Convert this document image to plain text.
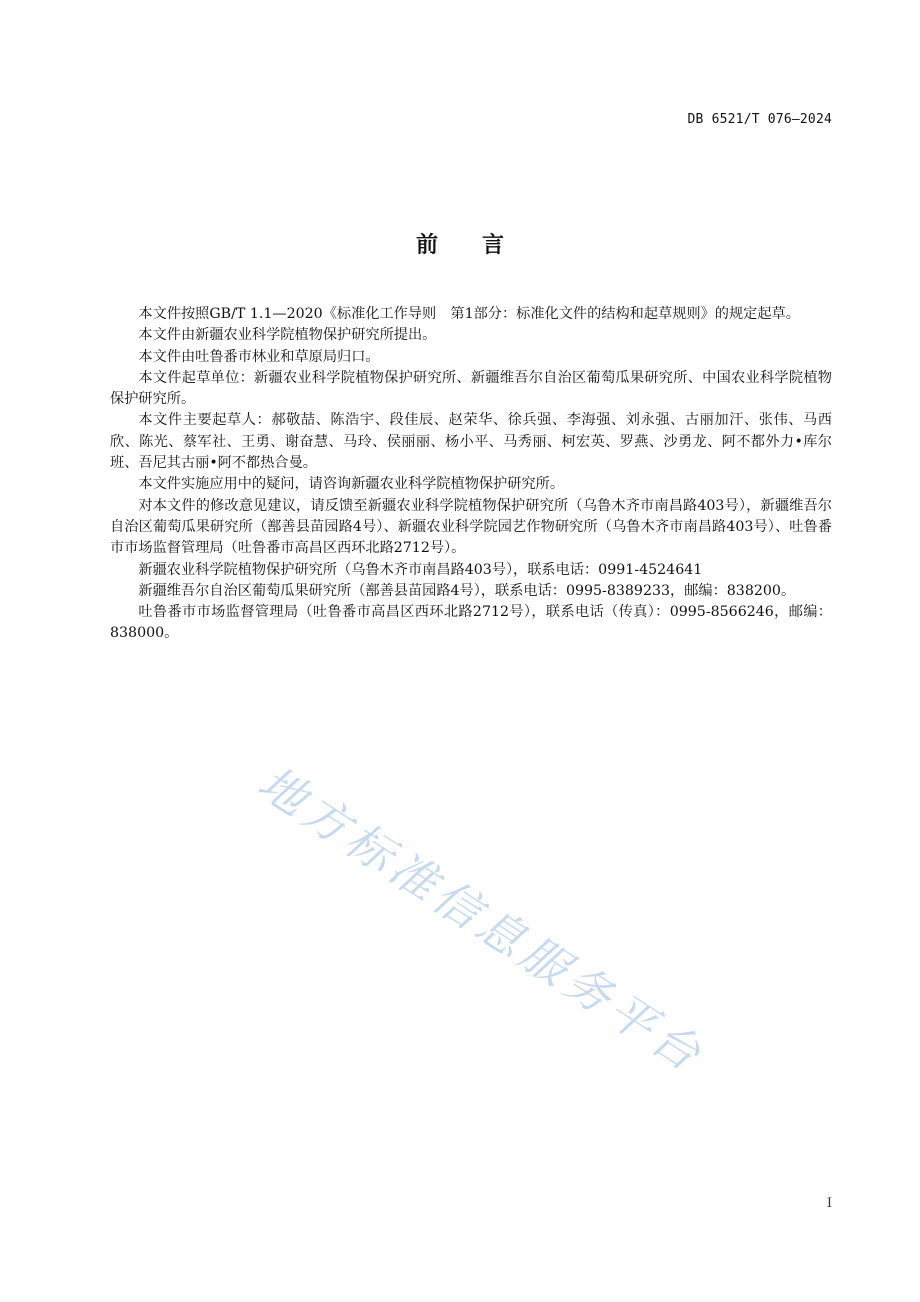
DB 6521/T 076—2024
前言

本文件按照GB/T 1.1—2020《标准化工作导则　第1部分：标准化文件的结构和起草规则》的规定起草。

本文件由新疆农业科学院植物保护研究所提出。

本文件由吐鲁番市林业和草原局归口。

本文件起草单位：新疆农业科学院植物保护研究所、新疆维吾尔自治区葡萄瓜果研究所、中国农业科学院植物保护研究所。

本文件主要起草人：郝敬喆、陈浩宇、段佳辰、赵荣华、徐兵强、李海强、刘永强、古丽加汗、张伟、马西欣、陈光、蔡军社、王勇、谢奋慧、马玲、侯丽丽、杨小平、马秀丽、柯宏英、罗燕、沙勇龙、阿不都外力•库尔班、吾尼其古丽•阿不都热合曼。

本文件实施应用中的疑问，请咨询新疆农业科学院植物保护研究所。

对本文件的修改意见建议，请反馈至新疆农业科学院植物保护研究所（乌鲁木齐市南昌路403号），新疆维吾尔自治区葡萄瓜果研究所（鄯善县苗园路4号）、新疆农业科学院园艺作物研究所（乌鲁木齐市南昌路403号）、吐鲁番市市场监督管理局（吐鲁番市高昌区西环北路2712号）。

新疆农业科学院植物保护研究所（乌鲁木齐市南昌路403号），联系电话：0991-4524641

新疆维吾尔自治区葡萄瓜果研究所（鄯善县苗园路4号），联系电话：0995-8389233，邮编：838200。

吐鲁番市市场监督管理局（吐鲁番市高昌区西环北路2712号），联系电话（传真）：0995-8566246，邮编：838000。

地方标准信息服务平台
I
